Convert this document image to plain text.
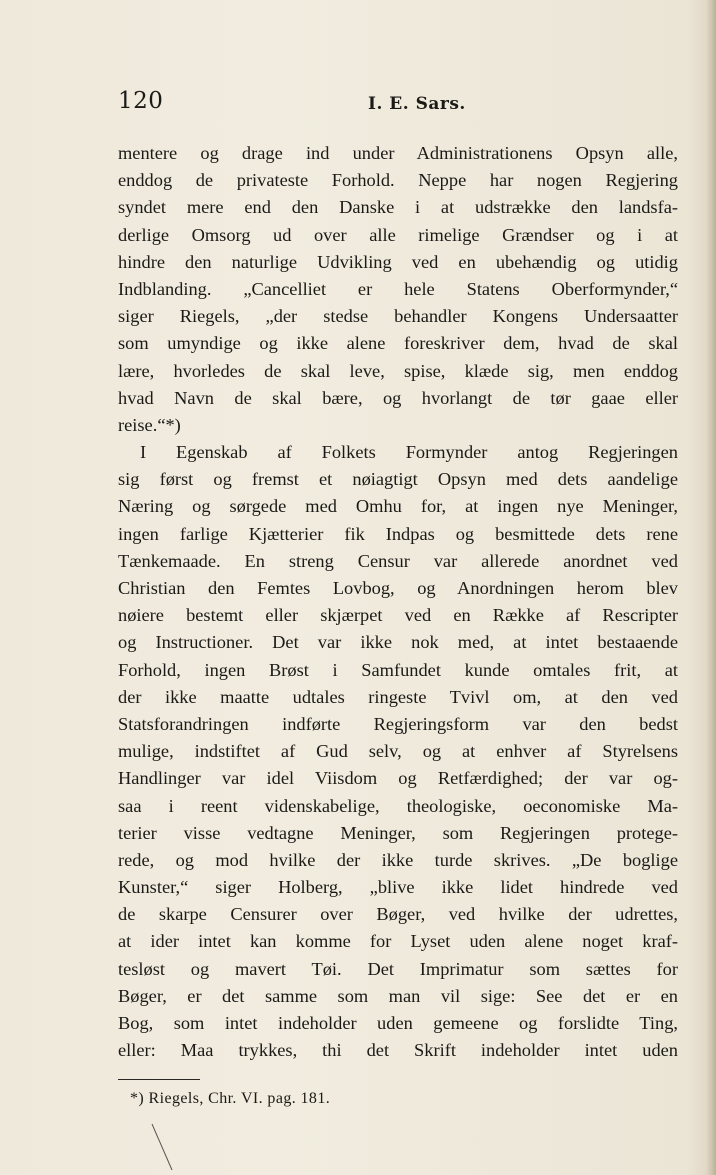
120	I. E. Sars.
mentere og drage ind under Administrationens Opsyn alle,
enddog de privateste Forhold. Neppe har nogen Regjering
syndet mere end den Danske i at udstrække den landsfa-
derlige Omsorg ud over alle rimelige Grændser og i at
hindre den naturlige Udvikling ved en ubehændig og utidig
Indblanding. „Cancelliet er hele Statens Oberformynder,“
siger Riegels, „der stedse behandler Kongens Undersaatter
som umyndige og ikke alene foreskriver dem, hvad de skal
lære, hvorledes de skal leve, spise, klæde sig, men enddog
hvad Navn de skal bære, og hvorlangt de tør gaae eller
reise.“*)
I Egenskab af Folkets Formynder antog Regjeringen
sig først og fremst et nøiagtigt Opsyn med dets aandelige
Næring og sørgede med Omhu for, at ingen nye Meninger,
ingen farlige Kjætterier fik Indpas og besmittede dets rene
Tænkemaade. En streng Censur var allerede anordnet ved
Christian den Femtes Lovbog, og Anordningen herom blev
nøiere bestemt eller skjærpet ved en Række af Rescripter
og Instructioner. Det var ikke nok med, at intet bestaaende
Forhold, ingen Brøst i Samfundet kunde omtales frit, at
der ikke maatte udtales ringeste Tvivl om, at den ved
Statsforandringen indførte Regjeringsform var den bedst
mulige, indstiftet af Gud selv, og at enhver af Styrelsens
Handlinger var idel Viisdom og Retfærdighed; der var og-
saa i reent videnskabelige, theologiske, oeconomiske Ma-
terier visse vedtagne Meninger, som Regjeringen protege-
rede, og mod hvilke der ikke turde skrives. „De boglige
Kunster,“ siger Holberg, „blive ikke lidet hindrede ved
de skarpe Censurer over Bøger, ved hvilke der udrettes,
at ider intet kan komme for Lyset uden alene noget kraf-
tesløst og mavert Tøi. Det Imprimatur som sættes for
Bøger, er det samme som man vil sige: See det er en
Bog, som intet indeholder uden gemeene og forslidte Ting,
eller: Maa trykkes, thi det Skrift indeholder intet uden
*) Riegels, Chr. VI. pag. 181.
